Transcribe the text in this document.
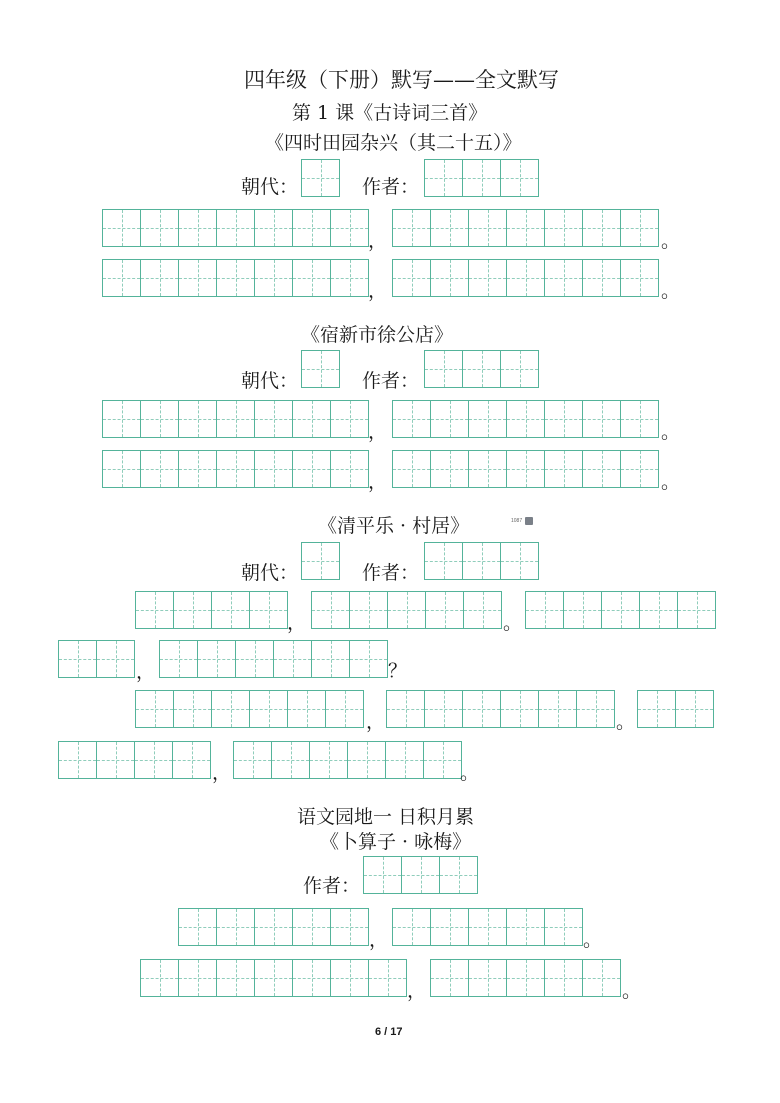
四年级（下册）默写——全文默写
第 1 课《古诗词三首》
《四时田园杂兴（其二十五）》
朝代：	作者：
，	。
，	。
《宿新市徐公店》
朝代：	作者：
，	。
，	。
《清平乐 · 村居》	1087
朝代：	作者：
，	。
，	？
，	。
，	。
语文园地一 日积月累
《卜算子 · 咏梅》
作者：
，	。
，	。
6 / 17
